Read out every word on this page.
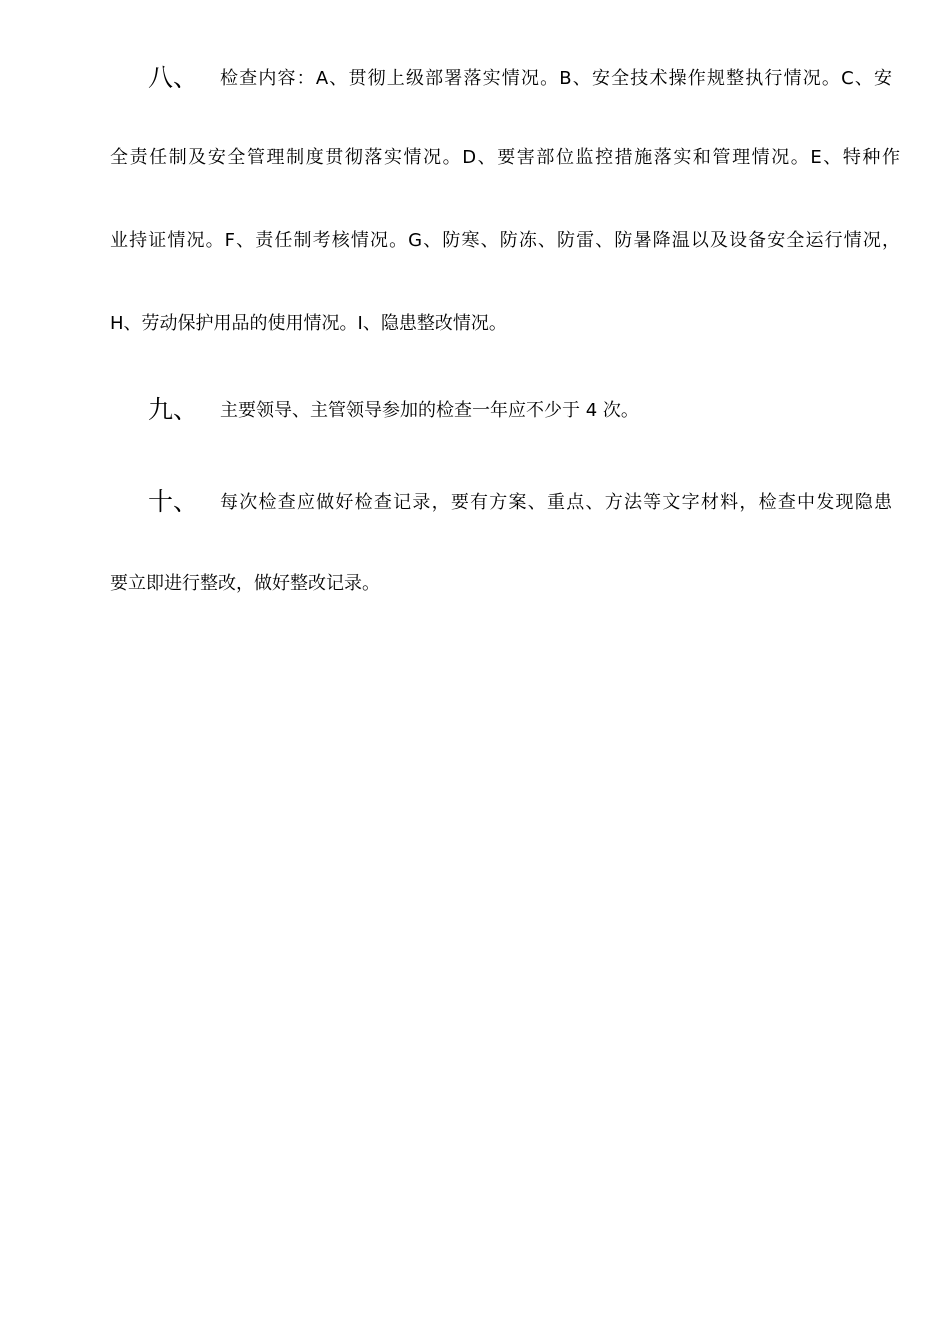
八、 检查内容：A、贯彻上级部署落实情况。B、安全技术操作规整执行情况。C、安
全责任制及安全管理制度贯彻落实情况。D、要害部位监控措施落实和管理情况。E、特种作
业持证情况。F、责任制考核情况。G、防寒、防冻、防雷、防暑降温以及设备安全运行情况，
H、劳动保护用品的使用情况。I、隐患整改情况。
九、 主要领导、主管领导参加的检查一年应不少于 4 次。
十、 每次检查应做好检查记录，要有方案、重点、方法等文字材料，检查中发现隐患
要立即进行整改，做好整改记录。
